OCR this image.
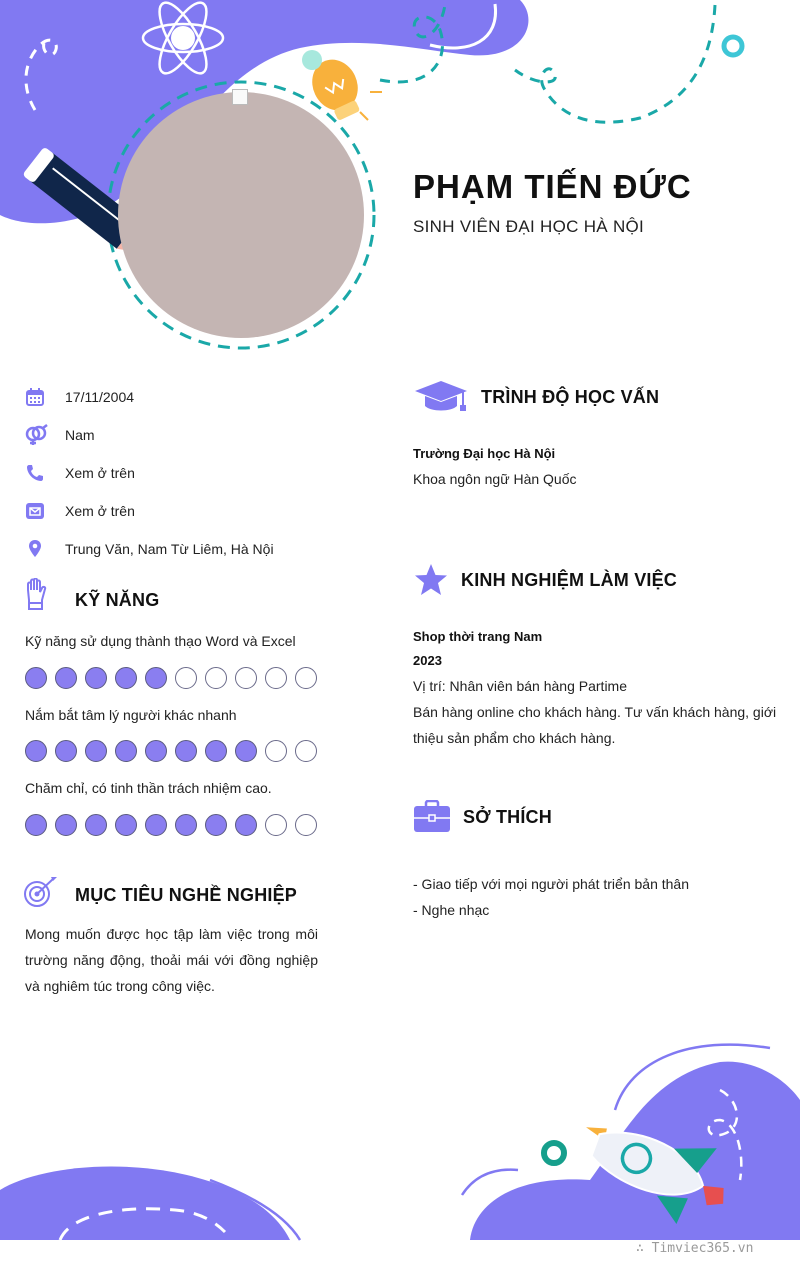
PHẠM TIẾN ĐỨC
SINH VIÊN ĐẠI HỌC HÀ NỘI
17/11/2004
Nam
Xem ở trên
Xem ở trên
Trung Văn, Nam Từ Liêm, Hà Nội
KỸ NĂNG
Kỹ năng sử dụng thành thạo Word và Excel
Nắm bắt tâm lý người khác nhanh
Chăm chỉ, có tinh thần trách nhiệm cao.
MỤC TIÊU NGHỀ NGHIỆP
Mong muốn được học tập làm việc trong môi trường năng động, thoải mái với đồng nghiệp và nghiêm túc trong công việc.
TRÌNH ĐỘ HỌC VẤN
Trường Đại học Hà Nội
Khoa ngôn ngữ Hàn Quốc
KINH NGHIỆM LÀM VIỆC
Shop thời trang Nam
2023
Vị trí: Nhân viên bán hàng Partime
Bán hàng online cho khách hàng. Tư vấn khách hàng, giới thiệu sản phẩm cho khách hàng.
SỞ THÍCH
- Giao tiếp với mọi người phát triển bản thân
- Nghe nhạc
∴ Timviec365.vn
